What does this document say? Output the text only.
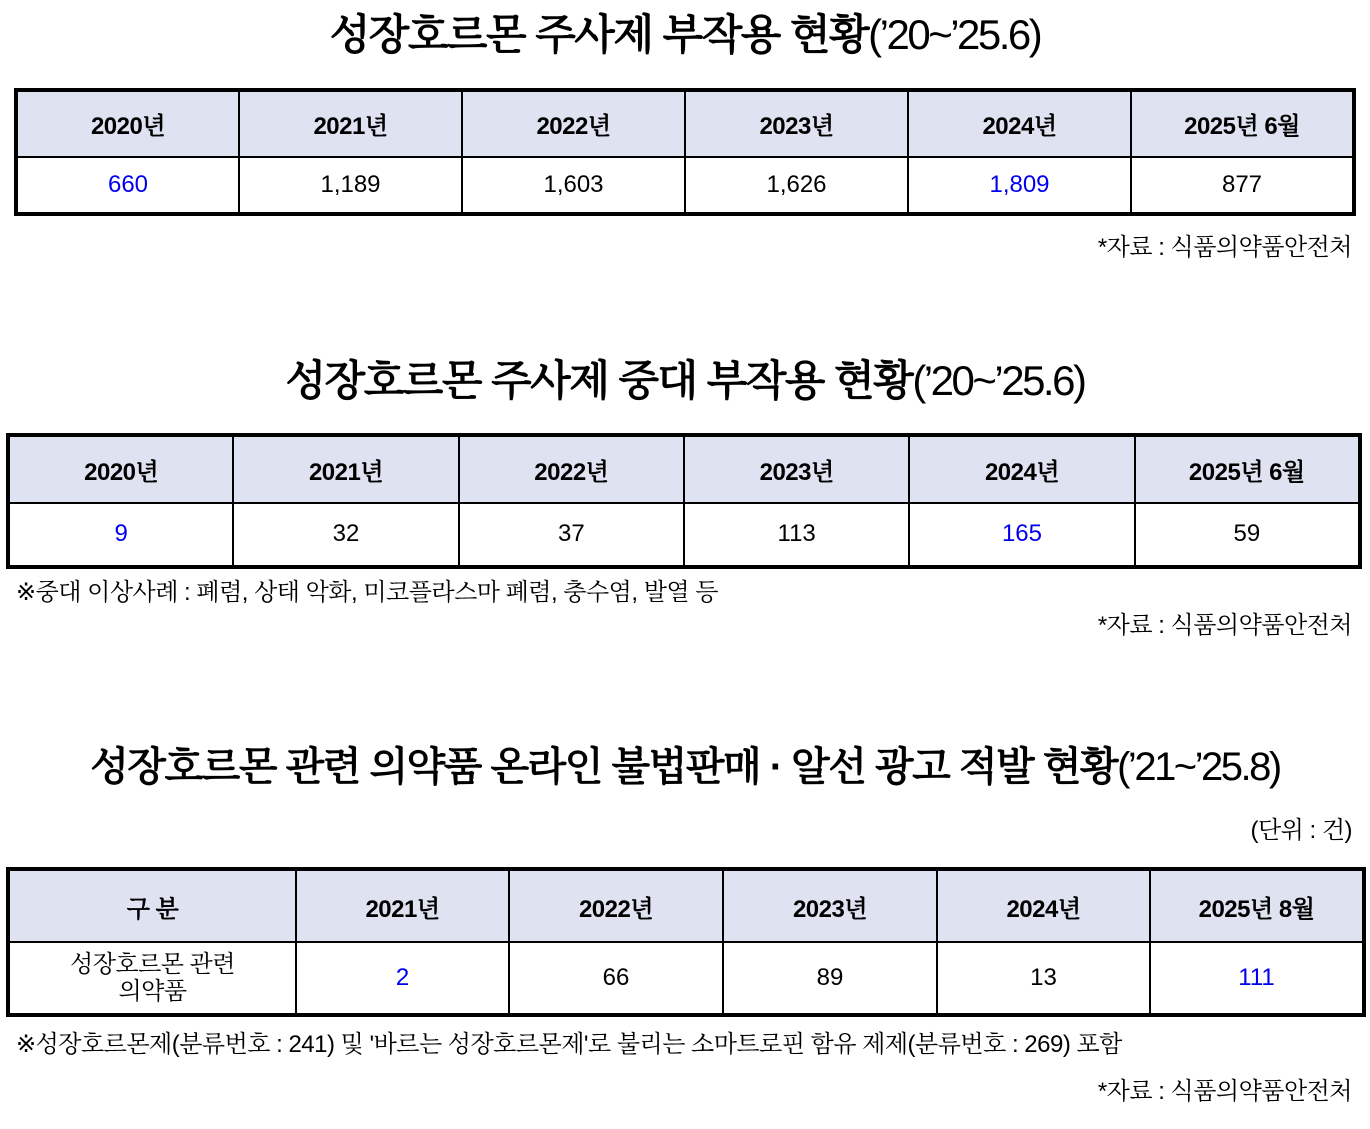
성장호르몬 주사제 부작용 현황(’20~’25.6)
2020년	2021년	2022년	2023년	2024년	2025년 6월
660	1,189	1,603	1,626	1,809	877
*자료 : 식품의약품안전처
성장호르몬 주사제 중대 부작용 현황(’20~’25.6)
2020년	2021년	2022년	2023년	2024년	2025년 6월
9	32	37	113	165	59
※중대 이상사례 : 폐렴, 상태 악화, 미코플라스마 폐렴, 충수염, 발열 등
*자료 : 식품의약품안전처
성장호르몬 관련 의약품 온라인 불법판매 · 알선 광고 적발 현황(’21~’25.8)
(단위 : 건)
구 분	2021년	2022년	2023년	2024년	2025년 8월
성장호르몬 관련
의약품	2	66	89	13	111
※성장호르몬제(분류번호 : 241) 및 '바르는 성장호르몬제'로 불리는 소마트로핀 함유 제제(분류번호 : 269) 포함
*자료 : 식품의약품안전처
